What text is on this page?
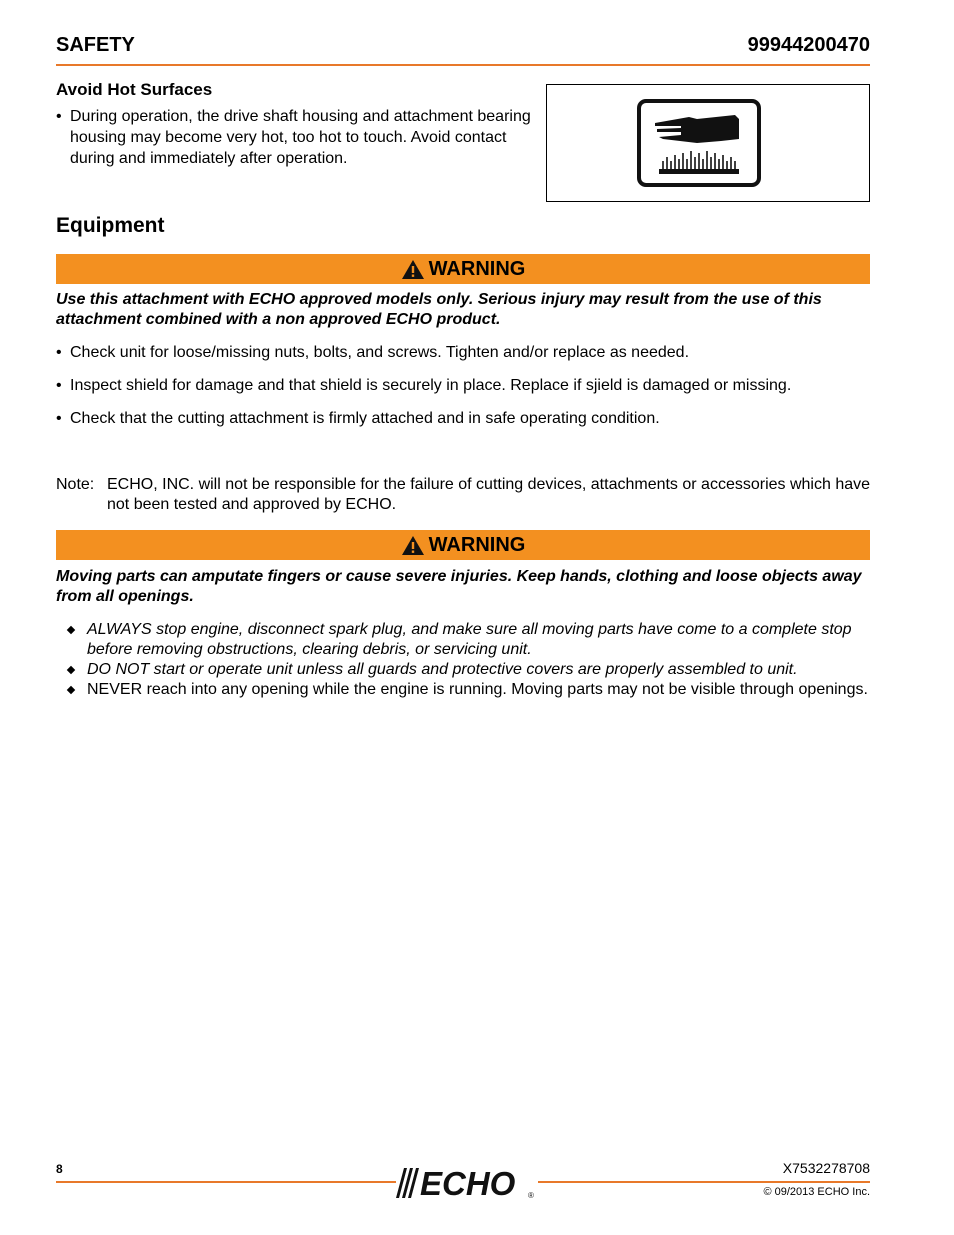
SAFETY	99944200470
Avoid Hot Surfaces
• During operation, the drive shaft housing and attachment bearing housing may become very hot, too hot to touch. Avoid contact during and immediately after operation.
Equipment
WARNING
Use this attachment with ECHO approved models only. Serious injury may result from the use of this attachment combined with a non approved ECHO product.
• Check unit for loose/missing nuts, bolts, and screws. Tighten and/or replace as needed.
• Inspect shield for damage and that shield is securely in place. Replace if sjield is damaged or missing.
• Check that the cutting attachment is firmly attached and in safe operating condition.
Note: ECHO, INC. will not be responsible for the failure of cutting devices, attachments or accessories which have not been tested and approved by ECHO.
WARNING
Moving parts can amputate fingers or cause severe injuries. Keep hands, clothing and loose objects away from all openings.
ALWAYS stop engine, disconnect spark plug, and make sure all moving parts have come to a complete stop before removing obstructions, clearing debris, or servicing unit.
DO NOT start or operate unit unless all guards and protective covers are properly assembled to unit.
NEVER reach into any opening while the engine is running. Moving parts may not be visible through openings.
8	ECHO ®
X7532278708
© 09/2013 ECHO Inc.
